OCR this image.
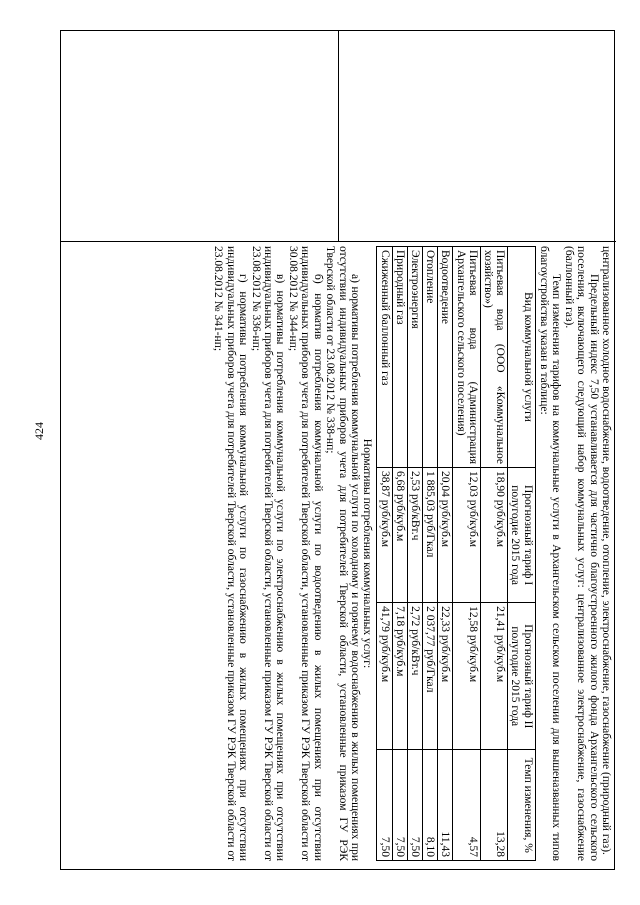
424	централизованное холодное водоснабжение, водоотведение, отопление, электроснабжение, газоснабжение (природный газ).

Предельный индекс 7,50 устанавливается для частично благоустроенного жилого фонда Архангельского сельского поселения, включающего следующий набор коммунальных услуг: централизованное электроснабжение, газоснабжение (баллонный газ).

Темп изменения тарифов на коммунальные услуги в Архангельском сельском поселении для вышеназванных типов благоустройства указан в таблице:

Вид коммунальной услуги	Прогнозный тариф I полугодие 2015 года	Прогнозный тариф II полугодие 2015 года	Темп изменения, %
Питьевая вода (ООО «Коммунальное хозяйство»)	18,90 руб/куб.м	21,41 руб/куб.м	13,28
Питьевая вода (Администрация Архангельского сельского поселения)	12,03 руб/куб.м	12,58 руб/куб.м	4,57
Водоотведение	20,04 руб/куб.м	22,33 руб/куб.м	11,43
Отопление	1 885,03 руб/Гкал	2 037,77 руб/Гкал	8,10
Электроэнергия	2,53 руб/кВт.ч	2,72 руб/кВт.ч	7,50
Природный газ	6,68 руб/куб.м	7,18 руб/куб.м	7,50
Сжиженный баллонный газ	38,87 руб/куб.м	41,79 руб/куб.м	7,50

Нормативы потребления коммунальных услуг:

а) нормативы потребления коммунальной услуги по холодному и горячему водоснабжению в жилых помещениях при отсутствии индивидуальных приборов учета для потребителей Тверской области, установленные приказом ГУ РЭК Тверской области от 23.08.2012 № 338-нп;

б) норматив потребления коммунальной услуги по водоотведению в жилых помещениях при отсутствии индивидуальных приборов учета для потребителей Тверской области, установленные приказом ГУ РЭК Тверской области от 30.08.2012 № 344-нп;

в) нормативы потребления коммунальной услуги по электроснабжению в жилых помещениях при отсутствии индивидуальных приборов учета для потребителей Тверской области, установленные приказом ГУ РЭК Тверской области от 23.08.2012 № 336-нп;

г) нормативы потребления коммунальной услуги по газоснабжению в жилых помещениях при отсутствии индивидуальных приборов учета для потребителей Тверской области, установленные приказом ГУ РЭК Тверской области от 23.08.2012 № 341-нп;
